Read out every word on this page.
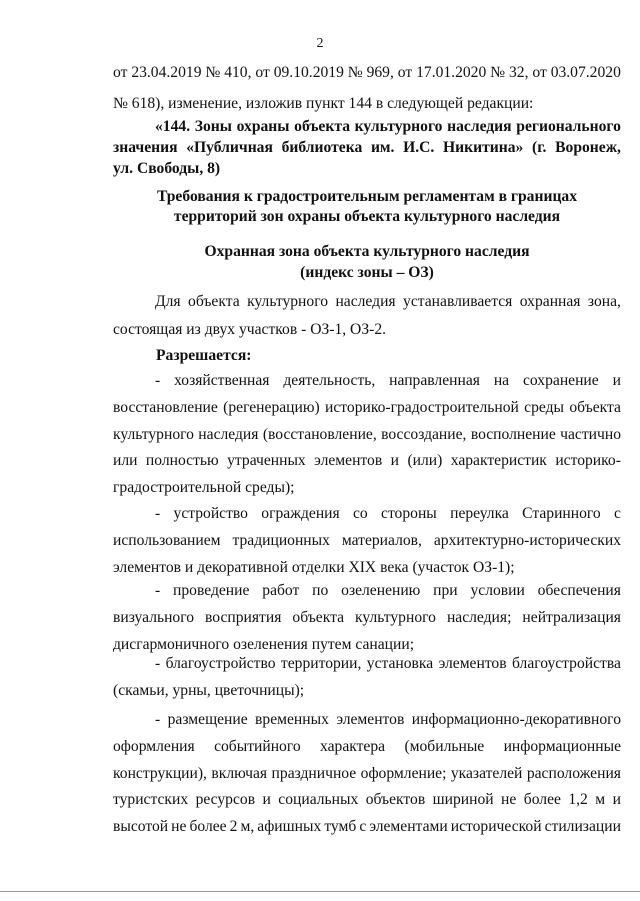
2
от 23.04.2019 № 410, от 09.10.2019 № 969, от 17.01.2020 № 32, от 03.07.2020
№ 618), изменение, изложив пункт 144 в следующей редакции:
«144. Зоны охраны объекта культурного наследия регионального
значения «Публичная библиотека им. И.С. Никитина» (г. Воронеж,
ул. Свободы, 8)
Требования к градостроительным регламентам в границах
территорий зон охраны объекта культурного наследия
Охранная зона объекта культурного наследия
(индекс зоны – ОЗ)
Для объекта культурного наследия устанавливается охранная зона,
состоящая из двух участков - ОЗ-1, ОЗ-2.
Разрешается:
- хозяйственная деятельность, направленная на сохранение и
восстановление (регенерацию) историко-градостроительной среды объекта
культурного наследия (восстановление, воссоздание, восполнение частично
или полностью утраченных элементов и (или) характеристик историко-
градостроительной среды);
- устройство ограждения со стороны переулка Старинного с
использованием традиционных материалов, архитектурно-исторических
элементов и декоративной отделки XIX века (участок ОЗ-1);
- проведение работ по озеленению при условии обеспечения
визуального восприятия объекта культурного наследия; нейтрализация
дисгармоничного озеленения путем санации;
- благоустройство территории, установка элементов благоустройства
(скамьи, урны, цветочницы);
- размещение временных элементов информационно-декоративного
оформления событийного характера (мобильные информационные
конструкции), включая праздничное оформление; указателей расположения
туристских ресурсов и социальных объектов шириной не более 1,2 м и
высотой не более 2 м, афишных тумб с элементами исторической стилизации
